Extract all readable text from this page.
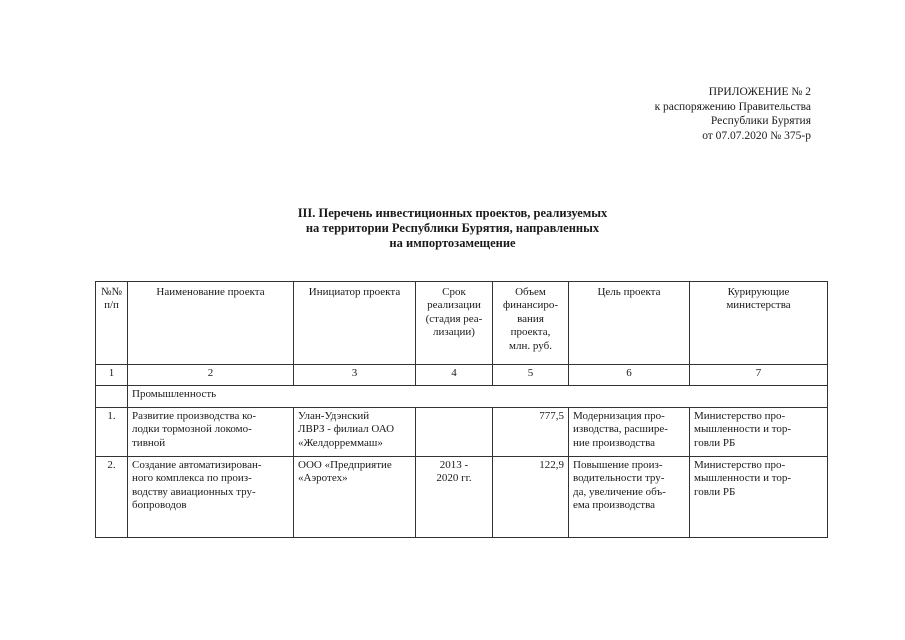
ПРИЛОЖЕНИЕ № 2
к распоряжению Правительства
Республики Бурятия
от 07.07.2020 № 375-р
III. Перечень инвестиционных проектов, реализуемых
на территории Республики Бурятия, направленных
на импортозамещение
№№
п/п	Наименование проекта	Инициатор проекта	Срок
реализации
(стадия реа-
лизации)	Объем
финансиро-
вания
проекта,
млн. руб.	Цель проекта	Курирующие
министерства
1	2	3	4	5	6	7
	Промышленность					
1.	Развитие производства ко-
лодки тормозной локомо-
тивной	Улан-Удэнский
ЛВРЗ - филиал ОАО
«Желдорреммаш»		777,5	Модернизация про-
изводства, расшире-
ние производства	Министерство про-
мышленности и тор-
говли РБ
2.	Создание автоматизирован-
ного комплекса по произ-
водству авиационных тру-
бопроводов	ООО «Предприятие
«Аэротех»	2013 -
2020 гг.	122,9	Повышение произ-
водительности тру-
да, увеличение объ-
ема производства	Министерство про-
мышленности и тор-
говли РБ
